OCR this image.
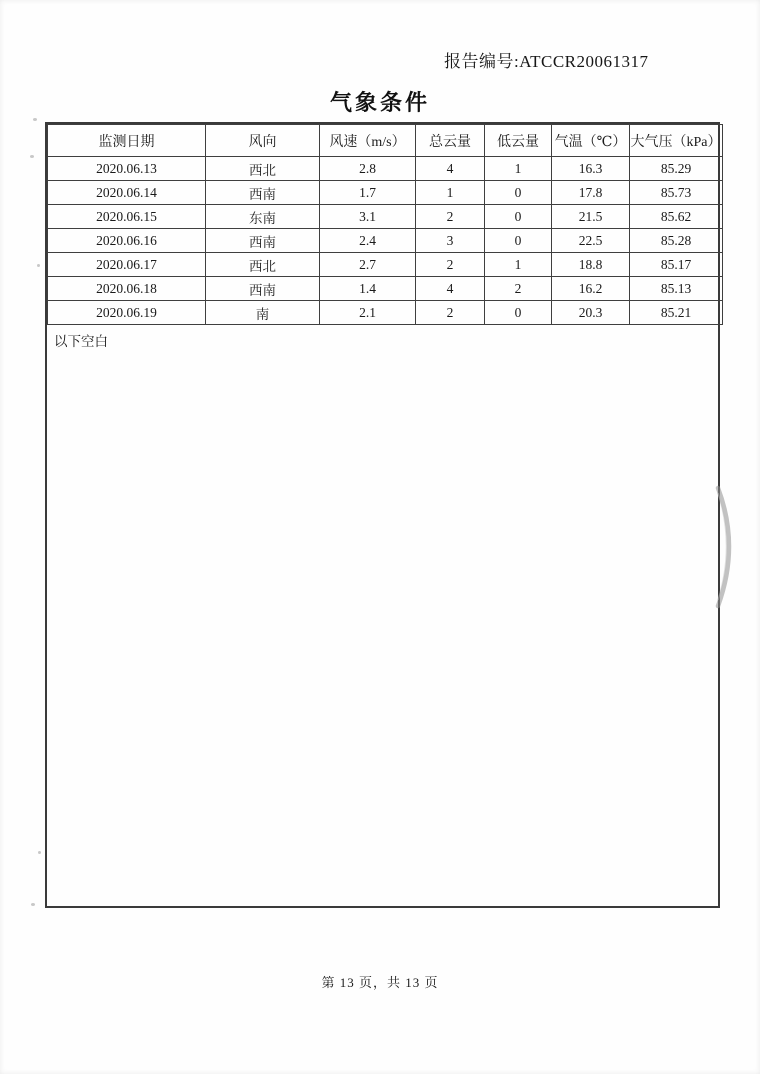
报告编号:ATCCR20061317
气象条件
监测日期	风向	风速（m/s）	总云量	低云量	气温（℃）	大气压（kPa）
2020.06.13	西北	2.8	4	1	16.3	85.29
2020.06.14	西南	1.7	1	0	17.8	85.73
2020.06.15	东南	3.1	2	0	21.5	85.62
2020.06.16	西南	2.4	3	0	22.5	85.28
2020.06.17	西北	2.7	2	1	18.8	85.17
2020.06.18	西南	1.4	4	2	16.2	85.13
2020.06.19	南	2.1	2	0	20.3	85.21
以下空白
第 13 页，共 13 页
